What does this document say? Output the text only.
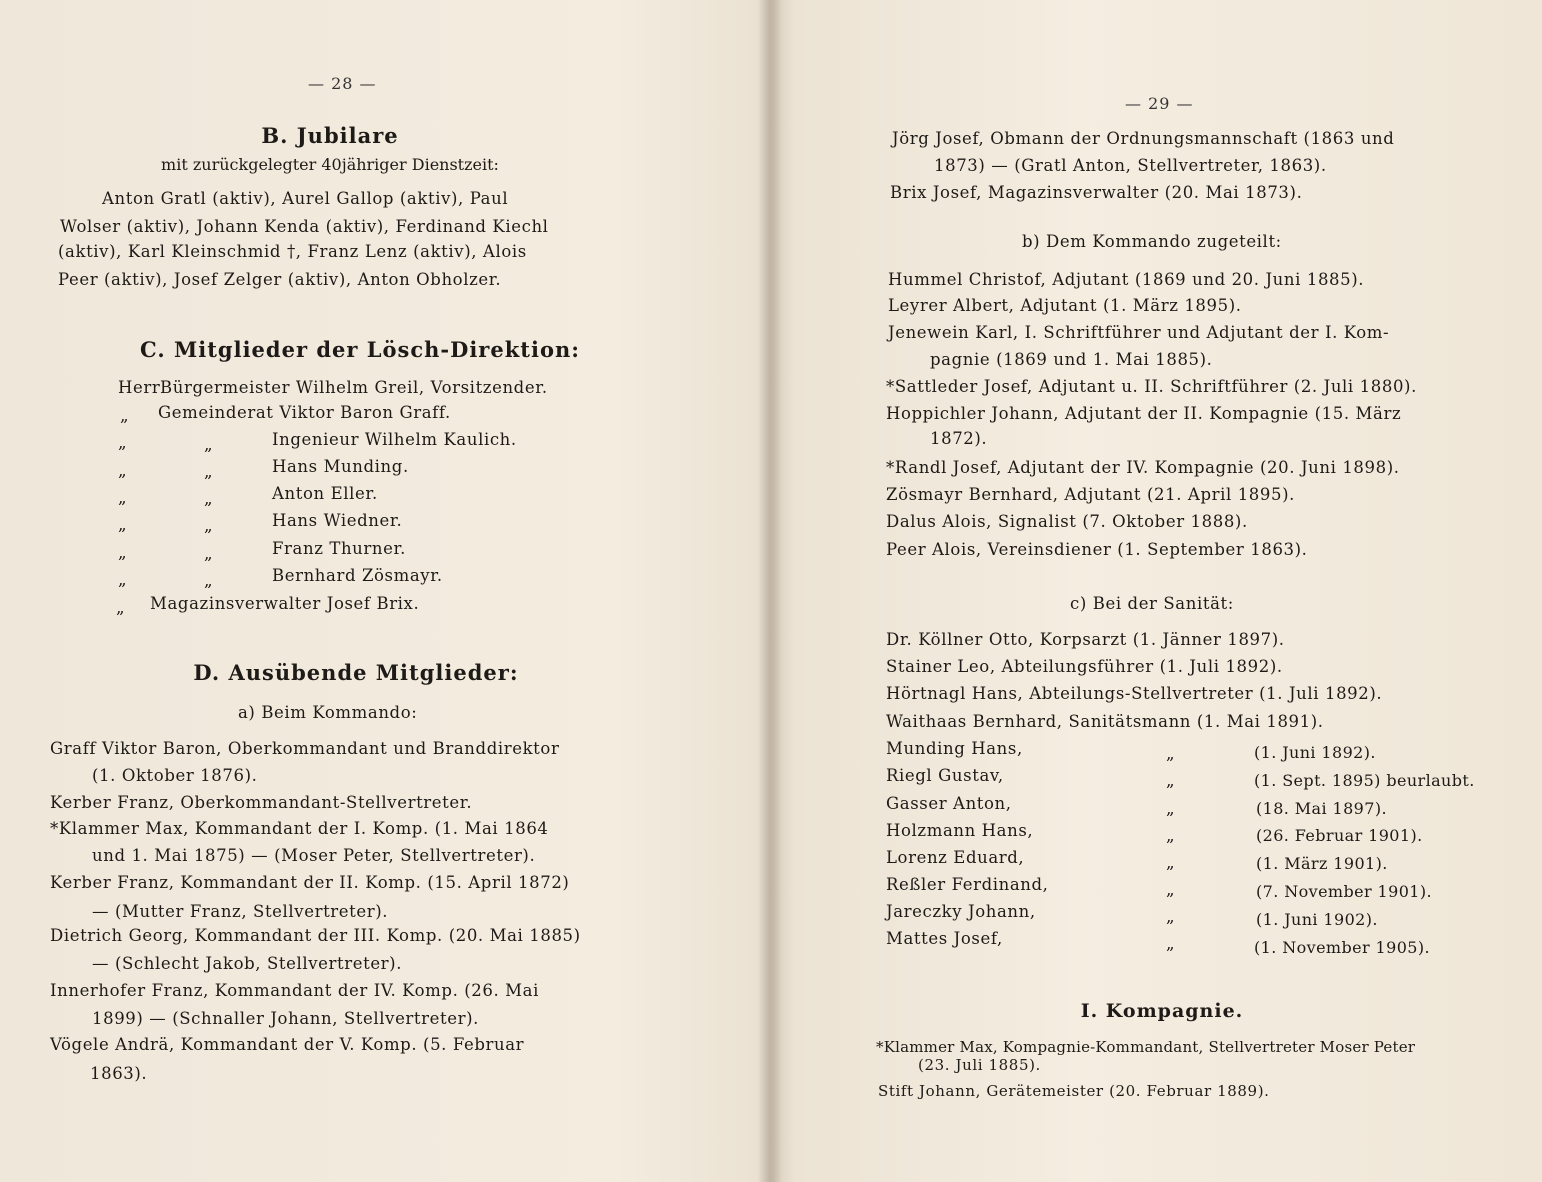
— 28 —
B. Jubilare
mit zurückgelegter 40jähriger Dienstzeit:
Anton Gratl (aktiv), Aurel Gallop (aktiv), Paul
Wolser (aktiv), Johann Kenda (aktiv), Ferdinand Kiechl
(aktiv), Karl Kleinschmid †, Franz Lenz (aktiv), Alois
Peer (aktiv), Josef Zelger (aktiv), Anton Obholzer.
C. Mitglieder der Lösch-Direktion:
Herr Bürgermeister Wilhelm Greil, Vorsitzender.
„ Gemeinderat Viktor Baron Graff.
„	„	Ingenieur Wilhelm Kaulich.
„	„	Hans Munding.
„	„	Anton Eller.
„	„	Hans Wiedner.
„	„	Franz Thurner.
„	„	Bernhard Zösmayr.
„ Magazinsverwalter Josef Brix.
D. Ausübende Mitglieder:
a) Beim Kommando:
Graff Viktor Baron, Oberkommandant und Branddirektor
(1. Oktober 1876).
Kerber Franz, Oberkommandant-Stellvertreter.
*Klammer Max, Kommandant der I. Komp. (1. Mai 1864
und 1. Mai 1875) — (Moser Peter, Stellvertreter).
Kerber Franz, Kommandant der II. Komp. (15. April 1872)
— (Mutter Franz, Stellvertreter).
Dietrich Georg, Kommandant der III. Komp. (20. Mai 1885)
— (Schlecht Jakob, Stellvertreter).
Innerhofer Franz, Kommandant der IV. Komp. (26. Mai
1899) — (Schnaller Johann, Stellvertreter).
Vögele Andrä, Kommandant der V. Komp. (5. Februar
1863).
— 29 —
Jörg Josef, Obmann der Ordnungsmannschaft (1863 und
1873) — (Gratl Anton, Stellvertreter, 1863).
Brix Josef, Magazinsverwalter (20. Mai 1873).
b) Dem Kommando zugeteilt:
Hummel Christof, Adjutant (1869 und 20. Juni 1885).
Leyrer Albert, Adjutant (1. März 1895).
Jenewein Karl, I. Schriftführer und Adjutant der I. Kom-
pagnie (1869 und 1. Mai 1885).
*Sattleder Josef, Adjutant u. II. Schriftführer (2. Juli 1880).
Hoppichler Johann, Adjutant der II. Kompagnie (15. März
1872).
*Randl Josef, Adjutant der IV. Kompagnie (20. Juni 1898).
Zösmayr Bernhard, Adjutant (21. April 1895).
Dalus Alois, Signalist (7. Oktober 1888).
Peer Alois, Vereinsdiener (1. September 1863).
c) Bei der Sanität:
Dr. Köllner Otto, Korpsarzt (1. Jänner 1897).
Stainer Leo, Abteilungsführer (1. Juli 1892).
Hörtnagl Hans, Abteilungs-Stellvertreter (1. Juli 1892).
Waithaas Bernhard, Sanitätsmann (1. Mai 1891).
Munding Hans,	„	(1. Juni 1892).
Riegl Gustav,	„	(1. Sept. 1895) beurlaubt.
Gasser Anton,	„	(18. Mai 1897).
Holzmann Hans,	„	(26. Februar 1901).
Lorenz Eduard,	„	(1. März 1901).
Reßler Ferdinand,	„	(7. November 1901).
Jareczky Johann,	„	(1. Juni 1902).
Mattes Josef,	„	(1. November 1905).
I. Kompagnie.
*Klammer Max, Kompagnie-Kommandant, Stellvertreter Moser Peter
(23. Juli 1885).
Stift Johann, Gerätemeister (20. Februar 1889).
